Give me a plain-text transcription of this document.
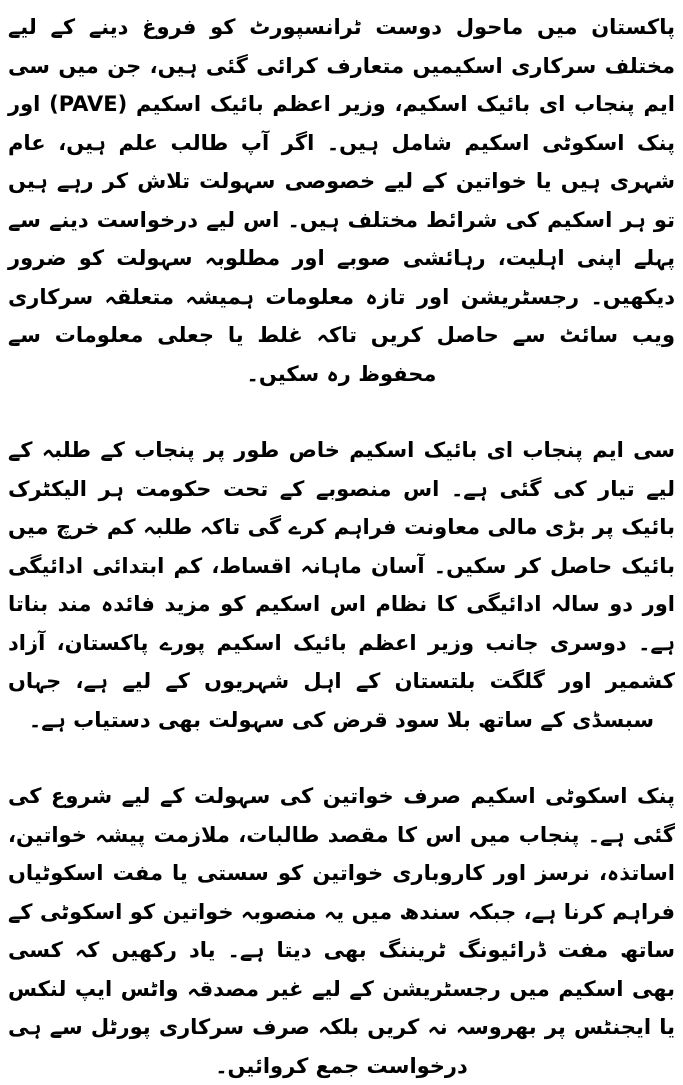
پاکستان میں ماحول دوست ٹرانسپورٹ کو فروغ دینے کے لیے مختلف سرکاری اسکیمیں متعارف کرائی گئی ہیں، جن میں سی ایم پنجاب ای بائیک اسکیم، وزیر اعظم بائیک اسکیم (PAVE) اور پنک اسکوٹی اسکیم شامل ہیں۔ اگر آپ طالب علم ہیں، عام شہری ہیں یا خواتین کے لیے خصوصی سہولت تلاش کر رہے ہیں تو ہر اسکیم کی شرائط مختلف ہیں۔ اس لیے درخواست دینے سے پہلے اپنی اہلیت، رہائشی صوبے اور مطلوبہ سہولت کو ضرور دیکھیں۔ رجسٹریشن اور تازہ معلومات ہمیشہ متعلقہ سرکاری ویب سائٹ سے حاصل کریں تاکہ غلط یا جعلی معلومات سے محفوظ رہ سکیں۔

سی ایم پنجاب ای بائیک اسکیم خاص طور پر پنجاب کے طلبہ کے لیے تیار کی گئی ہے۔ اس منصوبے کے تحت حکومت ہر الیکٹرک بائیک پر بڑی مالی معاونت فراہم کرے گی تاکہ طلبہ کم خرچ میں بائیک حاصل کر سکیں۔ آسان ماہانہ اقساط، کم ابتدائی ادائیگی اور دو سالہ ادائیگی کا نظام اس اسکیم کو مزید فائدہ مند بناتا ہے۔ دوسری جانب وزیر اعظم بائیک اسکیم پورے پاکستان، آزاد کشمیر اور گلگت بلتستان کے اہل شہریوں کے لیے ہے، جہاں سبسڈی کے ساتھ بلا سود قرض کی سہولت بھی دستیاب ہے۔

پنک اسکوٹی اسکیم صرف خواتین کی سہولت کے لیے شروع کی گئی ہے۔ پنجاب میں اس کا مقصد طالبات، ملازمت پیشہ خواتین، اساتذہ، نرسز اور کاروباری خواتین کو سستی یا مفت اسکوٹیاں فراہم کرنا ہے، جبکہ سندھ میں یہ منصوبہ خواتین کو اسکوٹی کے ساتھ مفت ڈرائیونگ ٹریننگ بھی دیتا ہے۔ یاد رکھیں کہ کسی بھی اسکیم میں رجسٹریشن کے لیے غیر مصدقہ واٹس ایپ لنکس یا ایجنٹس پر بھروسہ نہ کریں بلکہ صرف سرکاری پورٹل سے ہی درخواست جمع کروائیں۔
